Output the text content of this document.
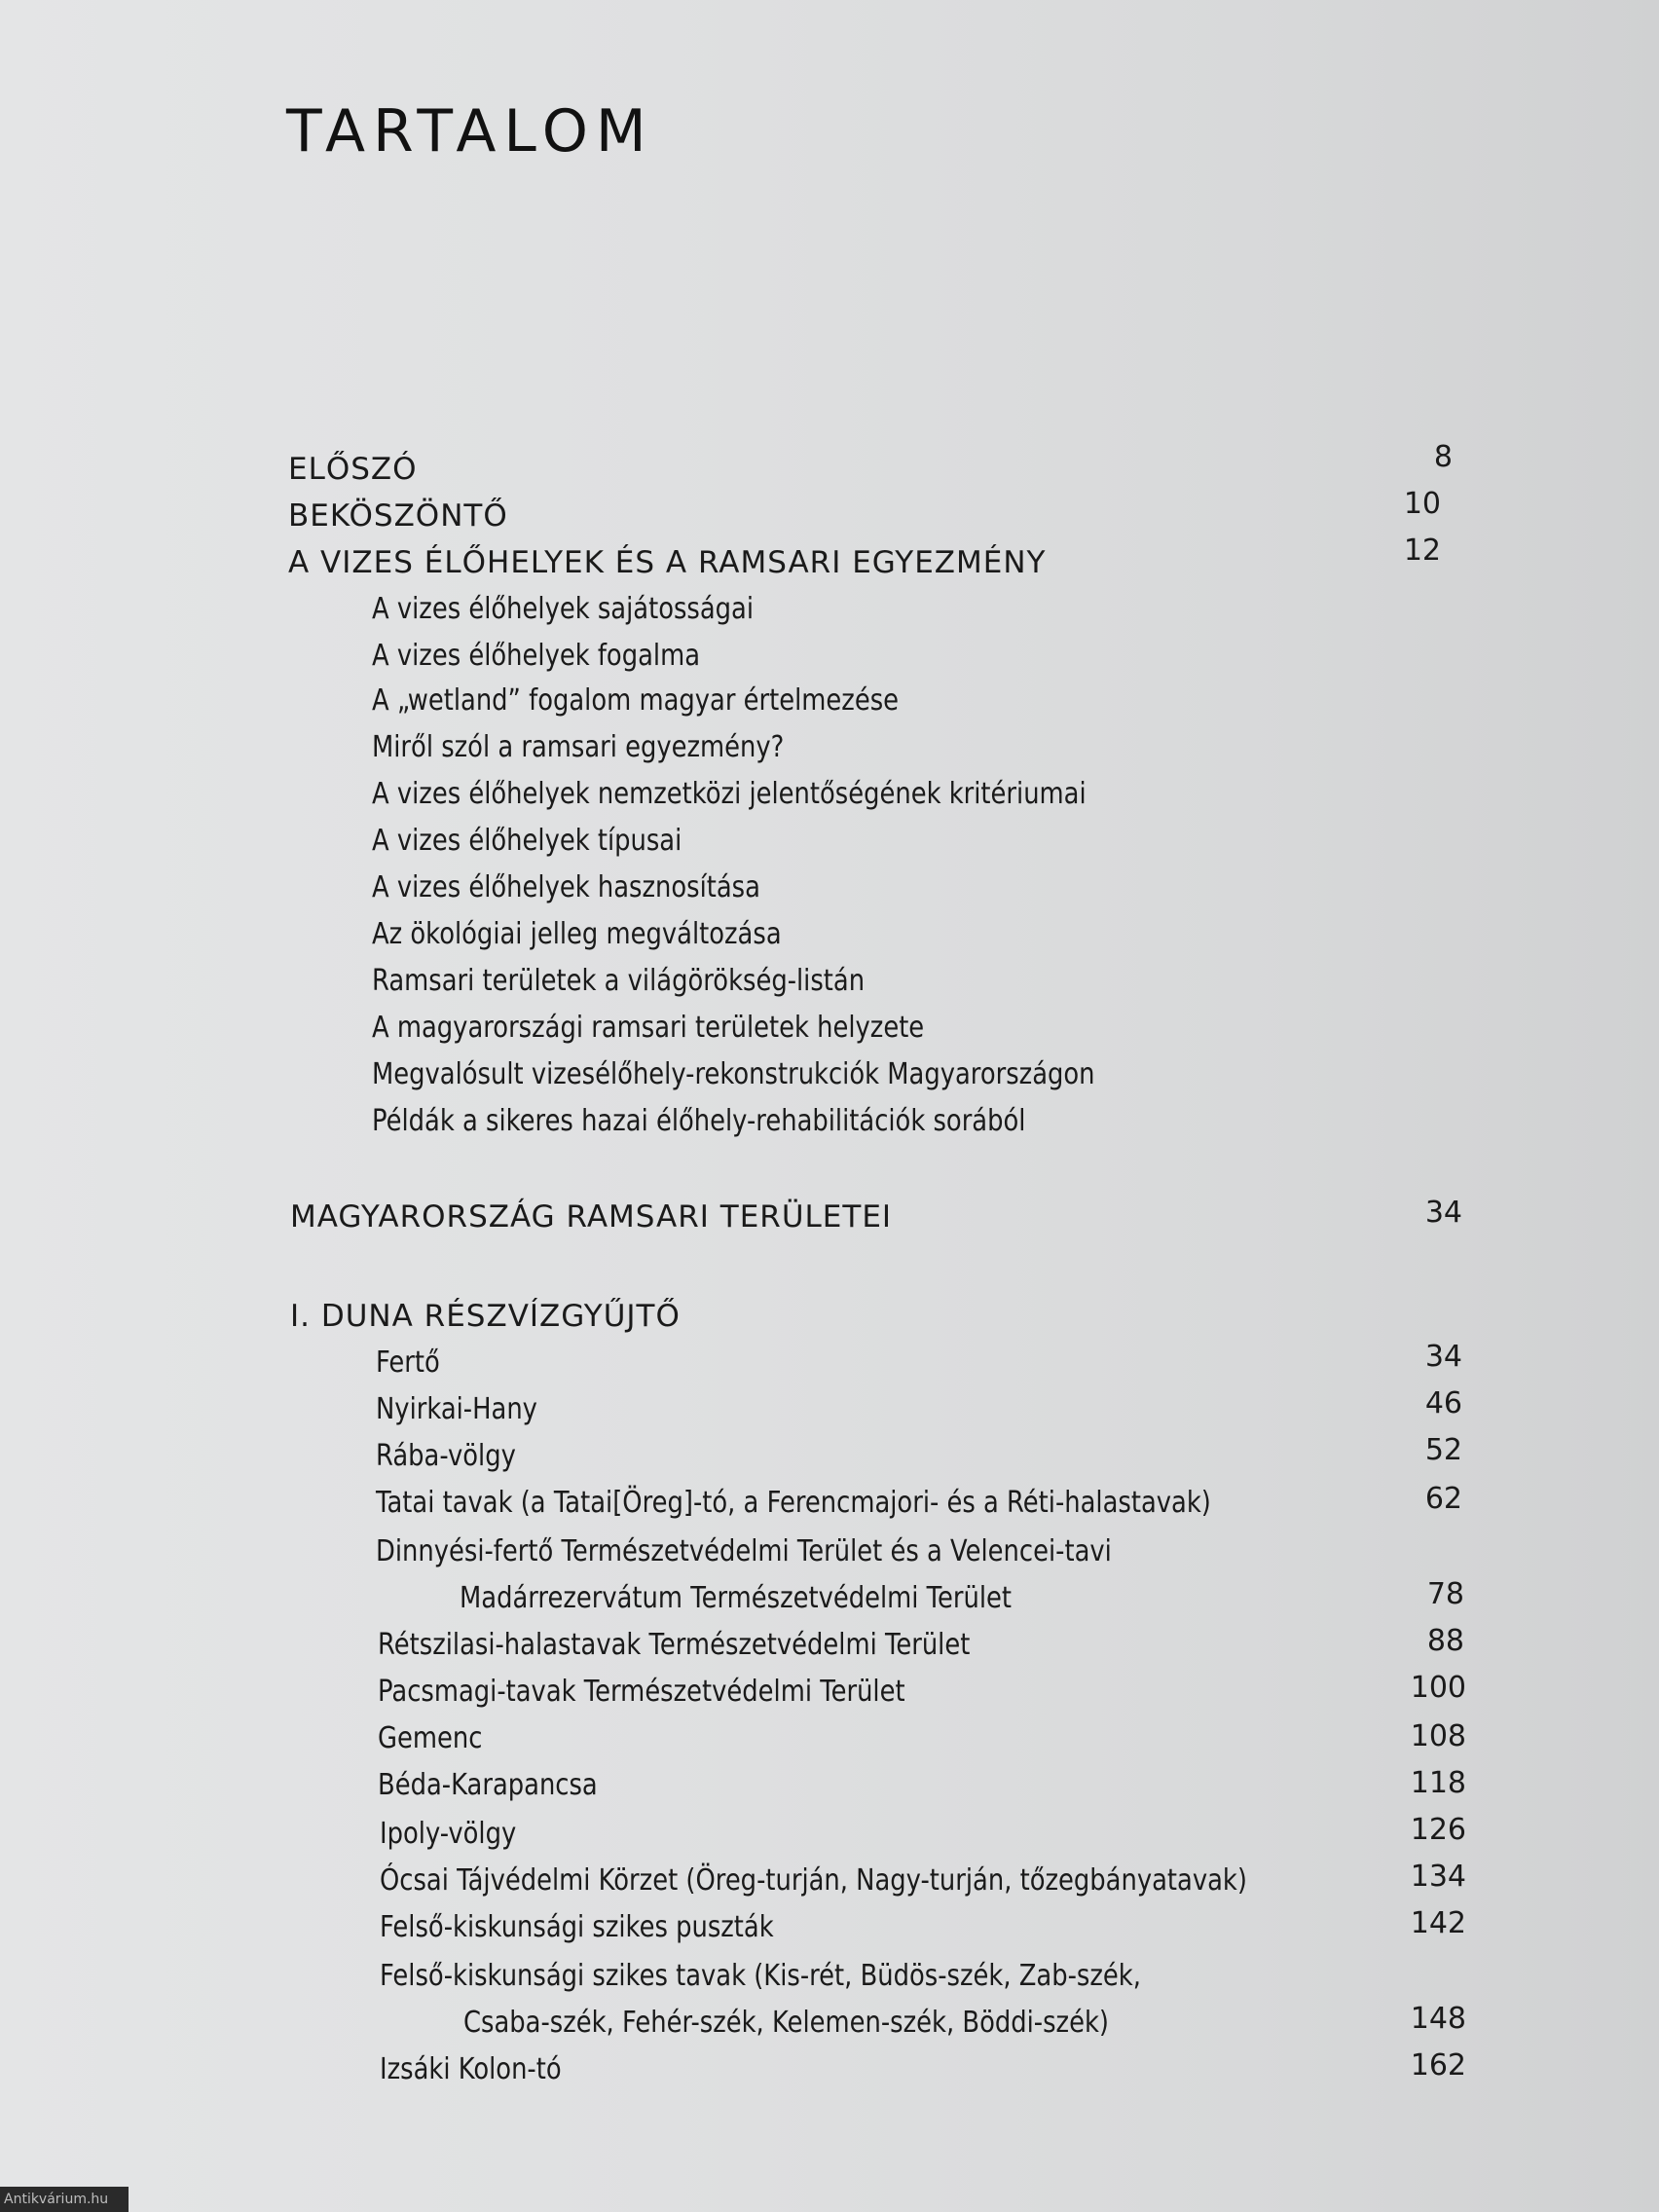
TARTALOM
ELŐSZÓ	8
BEKÖSZÖNTŐ	10
A VIZES ÉLŐHELYEK ÉS A RAMSARI EGYEZMÉNY	12
A vizes élőhelyek sajátosságai
A vizes élőhelyek fogalma
A „wetland” fogalom magyar értelmezése
Miről szól a ramsari egyezmény?
A vizes élőhelyek nemzetközi jelentőségének kritériumai
A vizes élőhelyek típusai
A vizes élőhelyek hasznosítása
Az ökológiai jelleg megváltozása
Ramsari területek a világörökség-listán
A magyarországi ramsari területek helyzete
Megvalósult vizesélőhely-rekonstrukciók Magyarországon
Példák a sikeres hazai élőhely-rehabilitációk sorából
MAGYARORSZÁG RAMSARI TERÜLETEI	34
I. DUNA RÉSZVÍZGYŰJTŐ
Fertő	34
Nyirkai-Hany	46
Rába-völgy	52
Tatai tavak (a Tatai[Öreg]-tó, a Ferencmajori- és a Réti-halastavak)	62
Dinnyési-fertő Természetvédelmi Terület és a Velencei-tavi
Madárrezervátum Természetvédelmi Terület	78
Rétszilasi-halastavak Természetvédelmi Terület	88
Pacsmagi-tavak Természetvédelmi Terület	100
Gemenc	108
Béda-Karapancsa	118
Ipoly-völgy	126
Ócsai Tájvédelmi Körzet (Öreg-turján, Nagy-turján, tőzegbányatavak)	134
Felső-kiskunsági szikes puszták	142
Felső-kiskunsági szikes tavak (Kis-rét, Büdös-szék, Zab-szék,
Csaba-szék, Fehér-szék, Kelemen-szék, Böddi-szék)	148
Izsáki Kolon-tó	162
Antikvárium.hu
